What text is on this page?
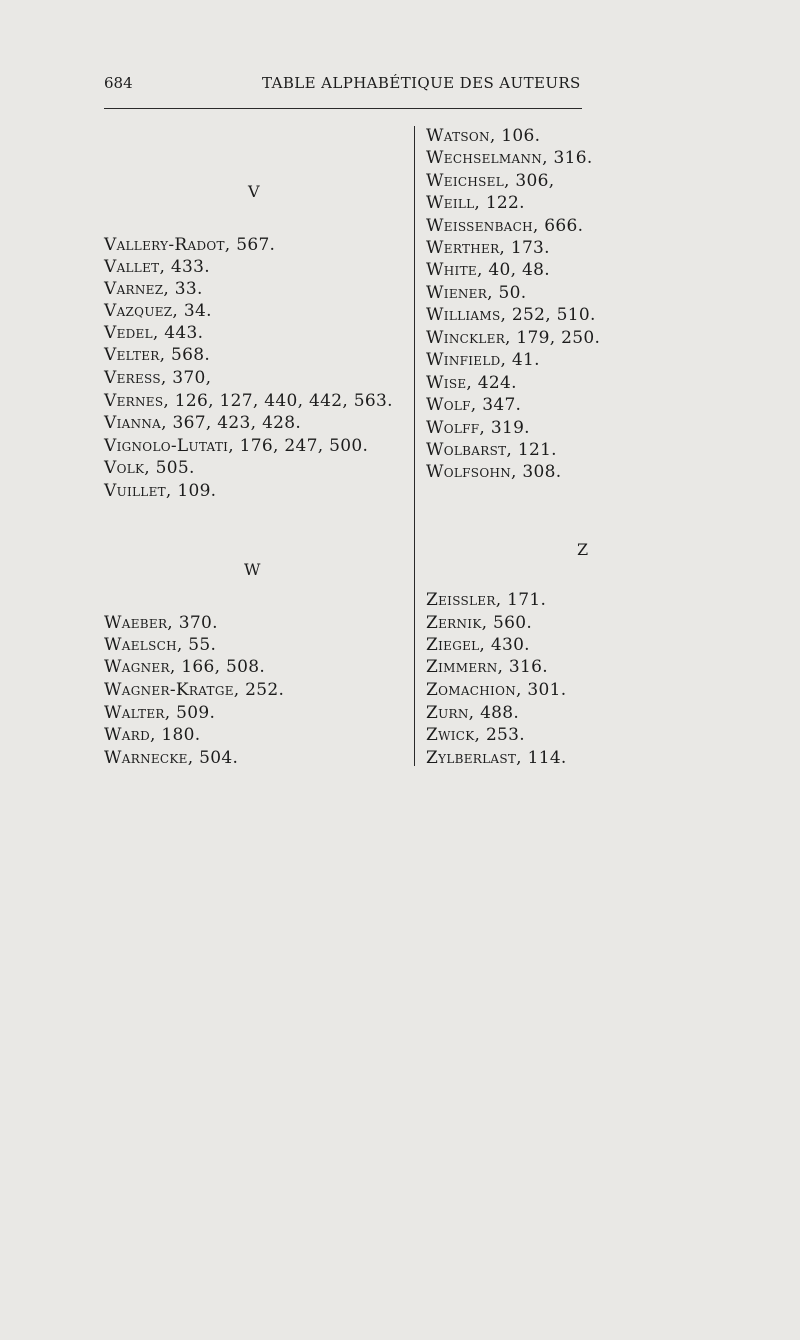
684	TABLE ALPHABÉTIQUE DES AUTEURS
V
Vallery-Radot, 567.
Vallet, 433.
Varnez, 33.
Vazquez, 34.
Vedel, 443.
Velter, 568.
Veress, 370,
Vernes, 126, 127, 440, 442, 563.
Vianna, 367, 423, 428.
Vignolo-Lutati, 176, 247, 500.
Volk, 505.
Vuillet, 109.
W
Waeber, 370.
Waelsch, 55.
Wagner, 166, 508.
Wagner-Kratge, 252.
Walter, 509.
Ward, 180.
Warnecke, 504.
Watson, 106.
Wechselmann, 316.
Weichsel, 306,
Weill, 122.
Weissenbach, 666.
Werther, 173.
White, 40, 48.
Wiener, 50.
Williams, 252, 510.
Winckler, 179, 250.
Winfield, 41.
Wise, 424.
Wolf, 347.
Wolff, 319.
Wolbarst, 121.
Wolfsohn, 308.
Z
Zeissler, 171.
Zernik, 560.
Ziegel, 430.
Zimmern, 316.
Zomachion, 301.
Zurn, 488.
Zwick, 253.
Zylberlast, 114.
